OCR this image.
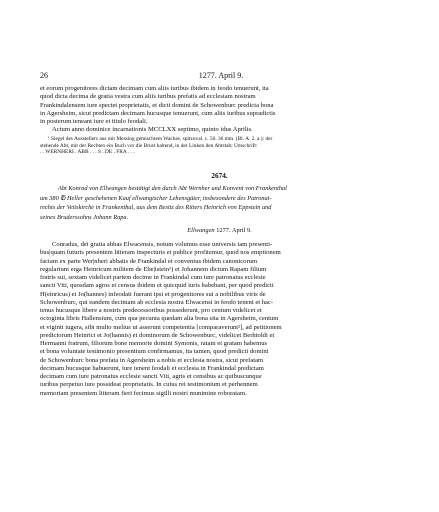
26	1277. April 9.

et eorum progenitores dictam decimam cum aliis iuribus ibidem in feodo tenuerunt, ita

quod dicta decima de gratia vestra cum aliis iuribus prefatis ad ecclesiam nostram

Frankindalensem iure spectet proprietatis, et dicti domini de Schowenburc predicta bona

in Agersheim, sicut predictam decimam hucusque tenuerunt, cum aliis iuribus supradictis

in posterum teneant iure et titulo feodali.

Actum anno dominice incarnationis MCCLXX septimo, quinto idus Aprilis.

¹ Siegel des Ausstellers aus mit Messing gemischtem Wachse, spitzoval. c. 50. 36 mm. (Bl. A. 2. a.): der

stehende Abt, mit der Rechten ein Buch vor die Brust haltend, in der Linken den Abtstab; Umschrift:

. . WERNHERI . ABB . . . S . DE . FRA . . .

2674.

Abt Konrad von Ellwangen bestätigt den durch Abt Wernher und Konvent von Frankenthal

um 380 ℔ Heller geschehenen Kauf ellwangischer Lehensgüter, insbesondere des Patronat-

rechts der Veitskirche in Frankenthal, aus dem Besitz des Ritters Heinrich von Eppstein und

seines Bruderssohns Johann Rapa.

Ellwangen 1277. April 9.

Conradus, dei gratia abbas Elwacensis, notum volumus esse universis tam presenti-

bus|quam futuris presentem litteram inspecturis et publice profitemur, quod nos emptionem

factam ex parte Wer|nheri abbatis de Frankindal et conventus ibidem canonicorum

regularium erga Heinricum militem de Ebe|istein¹) et Johannem dictum Rapam filium

fratris sui, sextam videlicet partem decime in Frankindal cum iure patronatus ecclesie

sancti Viti, quosdam agros et census ibidem et quicquid iuris habebant, per quod predicti

H(einricus) et Jo(hannes) infeodati fuerant ipsi et progenitores sui a nobilibus viris de

Schowenburc, qui eandem decimam ab ecclesia nostra Elwacensi in feodo tenent et hac-

tenus hucusque libere a nostris predecessoribus possederunt, pro centum videlicet et

octoginta libris Hallensium, cum qua pecunia quedam alia bona sita in Agersheim, centum

et viginti iugera, sibi multo melius ut asseruni competentia [comparaverunt²], ad petitionem

predictorum Heinrici et Jo(hannis) et dominorum de Schowenburc, videlicet Berhtoldi et

Hermanni fratrum, filiorum bone memorie domini Symonis, ratam et gratam habemus

et bona voluntate testimonio presentium confirmamus, ita tamen, quod predicti domini

de Schowenburc bona prefata in Agersheim a nobis et ecclesia nostra, sicut prefatam

decimam hucusque habuerunt, iure tenent feodali et ecclesia in Frankindal predictam

decimam cum iure patronatus ecclesie sancti Viti, agris et censibus ac quibuscunque

iuribus perpetuo iure possideat proprietatis. In cuius rei testimonium et perhennem

memoriam presentem litteram fieri fecimus sigilli nostri munimine roboratam.
